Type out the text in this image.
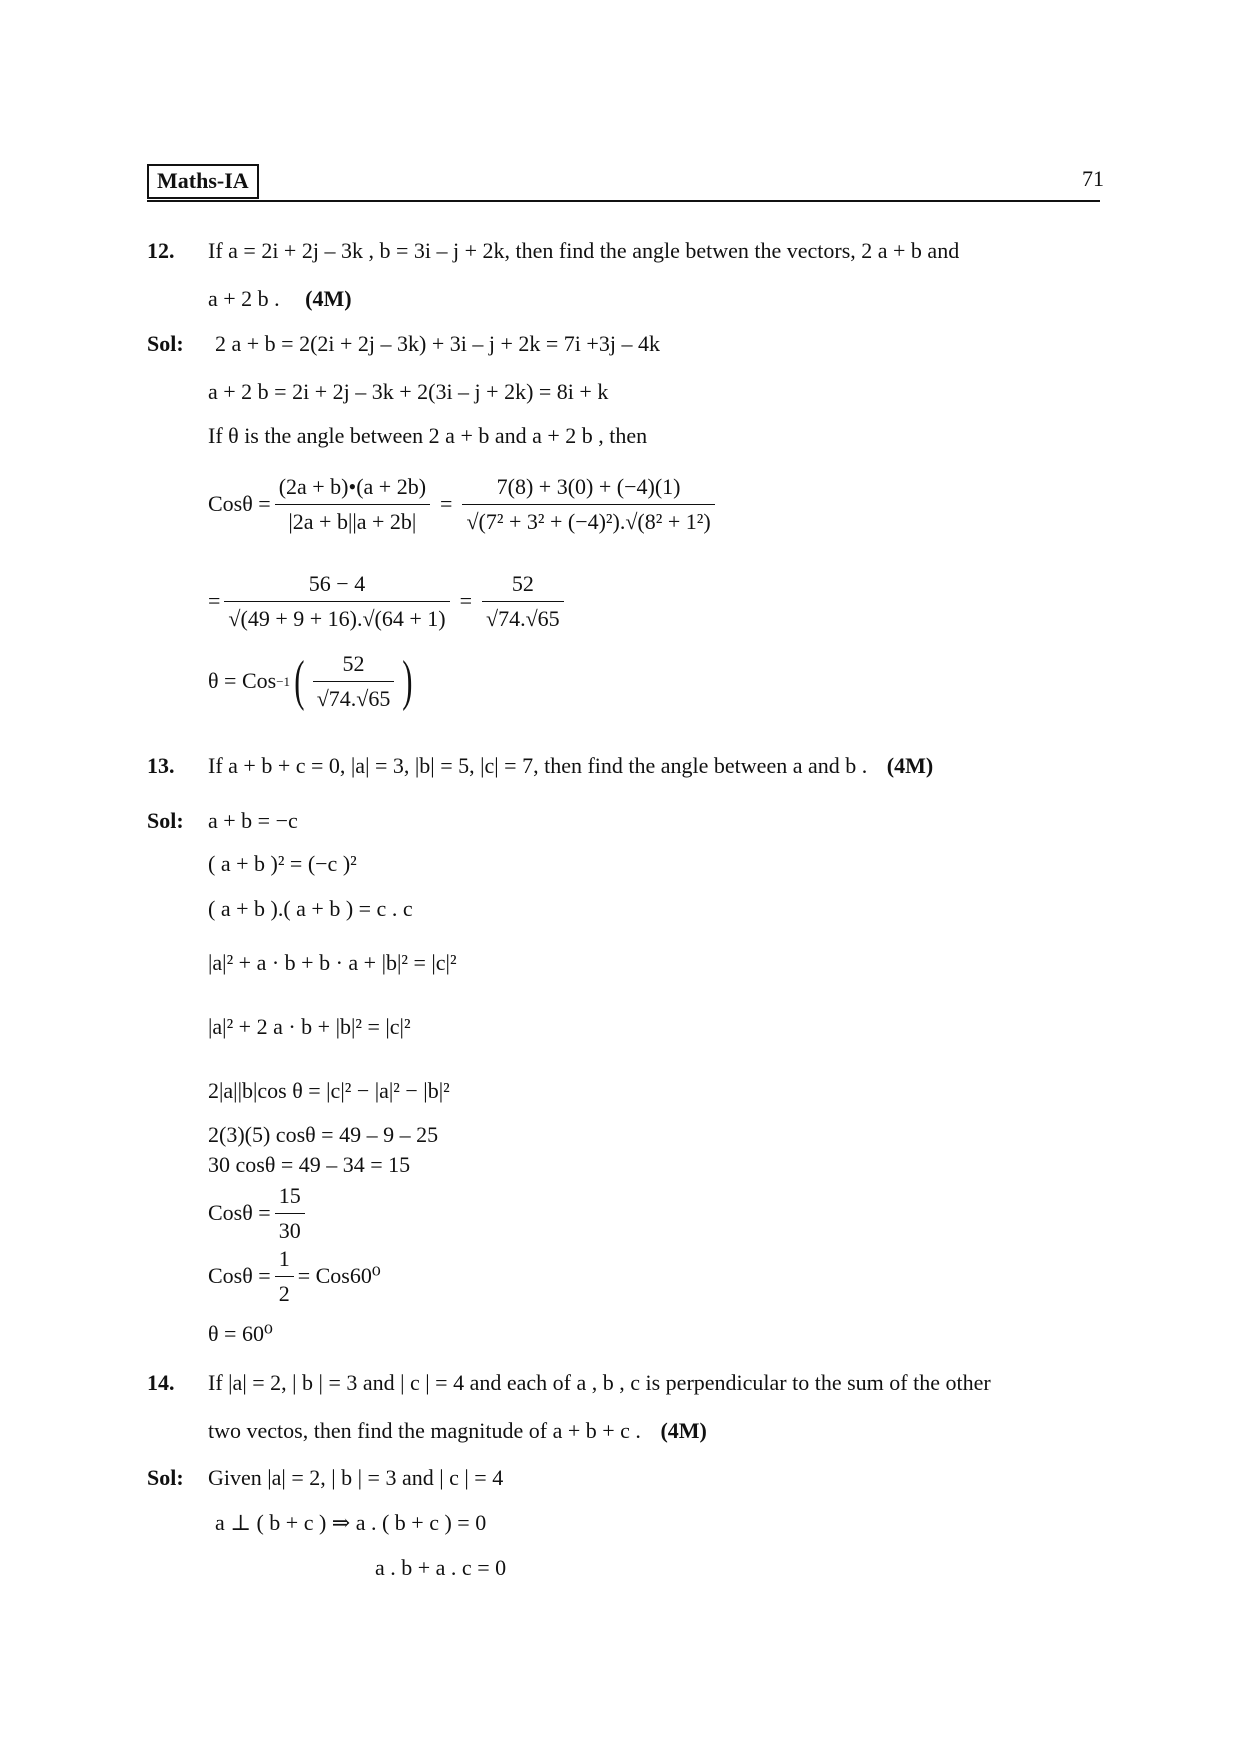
Maths-IA	71
12. If a = 2i + 2j – 3k , b = 3i – j + 2k, then find the angle betwen the vectors, 2 a + b and
a + 2 b . (4M)
Sol: 2 a + b = 2(2i + 2j – 3k) + 3i – j + 2k = 7i +3j – 4k
a + 2 b = 2i + 2j – 3k + 2(3i – j + 2k) = 8i + k
If θ is the angle between 2 a + b and a + 2 b , then
$Cos\theta = \frac{(2a + b)•(a + 2b)}{|2a + b||a + 2b|} = \frac{7(8) + 3(0) + (-4)(1)}{\text{√(7² + 3² + (−4)²).√(8² + 1²)}}$
= $\frac{56 - 4}{√(49 + 9 + 16).√(64 + 1)} = \frac{52}{√74.√65}$
θ = Cos −1 ( $\frac{52}{√74.√65}$ )
13. If a + b + c = 0, |a| = 3, |b| = 5, |c| = 7, then find the angle between a and b . (4M)
Sol: a + b = −c
( a + b )² = (−c )²
( a + b ).( a + b ) = c . c
|a|² + a · b + b · a + |b|² = |c|²
|a|² + 2 a · b + |b|² = |c|²
2|a||b|cos θ = |c|² − |a|² − |b|²
2(3)(5) cosθ = 49 – 9 – 25
30 cosθ = 49 – 34 = 15
$Cos\theta = \frac{15}{30}$
$Cos\theta = \frac{1}{2} = Cos60^0$
θ = 60⁰
14. If |a| = 2, | b | = 3 and | c | = 4 and each of a , b , c is perpendicular to the sum of the other
two vectos, then find the magnitude of a + b + c . (4M)
Sol: Given |a| = 2, | b | = 3 and | c | = 4
a ⊥ ( b + c ) ⇒ a . ( b + c ) = 0
a . b + a . c = 0
